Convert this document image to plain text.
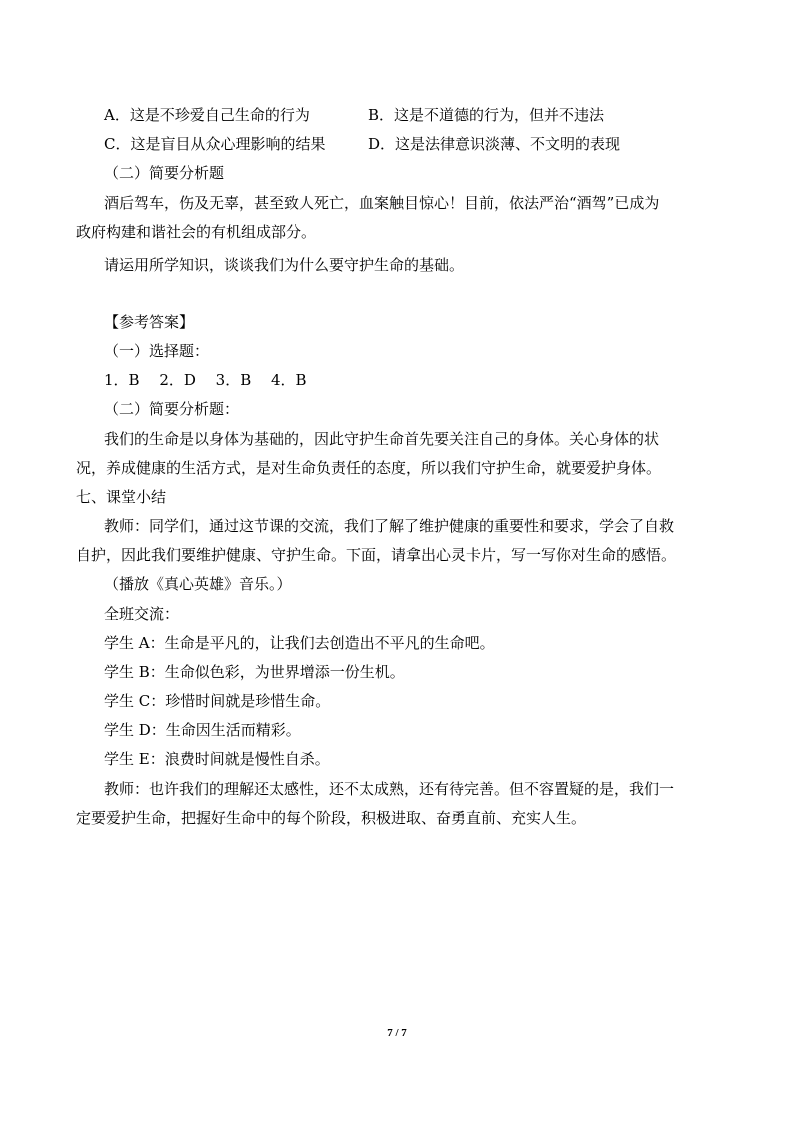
A．这是不珍爱自己生命的行为	B．这是不道德的行为，但并不违法
C．这是盲目从众心理影响的结果	D．这是法律意识淡薄、不文明的表现
（二）简要分析题
酒后驾车，伤及无辜，甚至致人死亡，血案触目惊心！目前，依法严治“酒驾”已成为
政府构建和谐社会的有机组成部分。
请运用所学知识，谈谈我们为什么要守护生命的基础。
【参考答案】
（一）选择题：
1．B　 2．D　 3．B　 4．B
（二）简要分析题：
我们的生命是以身体为基础的，因此守护生命首先要关注自己的身体。关心身体的状
况，养成健康的生活方式，是对生命负责任的态度，所以我们守护生命，就要爱护身体。
七、课堂小结
教师：同学们，通过这节课的交流，我们了解了维护健康的重要性和要求，学会了自救
自护，因此我们要维护健康、守护生命。下面，请拿出心灵卡片，写一写你对生命的感悟。
（播放《真心英雄》音乐。）
全班交流：
学生 A：生命是平凡的，让我们去创造出不平凡的生命吧。
学生 B：生命似色彩，为世界增添一份生机。
学生 C：珍惜时间就是珍惜生命。
学生 D：生命因生活而精彩。
学生 E：浪费时间就是慢性自杀。
教师：也许我们的理解还太感性，还不太成熟，还有待完善。但不容置疑的是，我们一
定要爱护生命，把握好生命中的每个阶段，积极进取、奋勇直前、充实人生。
7 / 7
